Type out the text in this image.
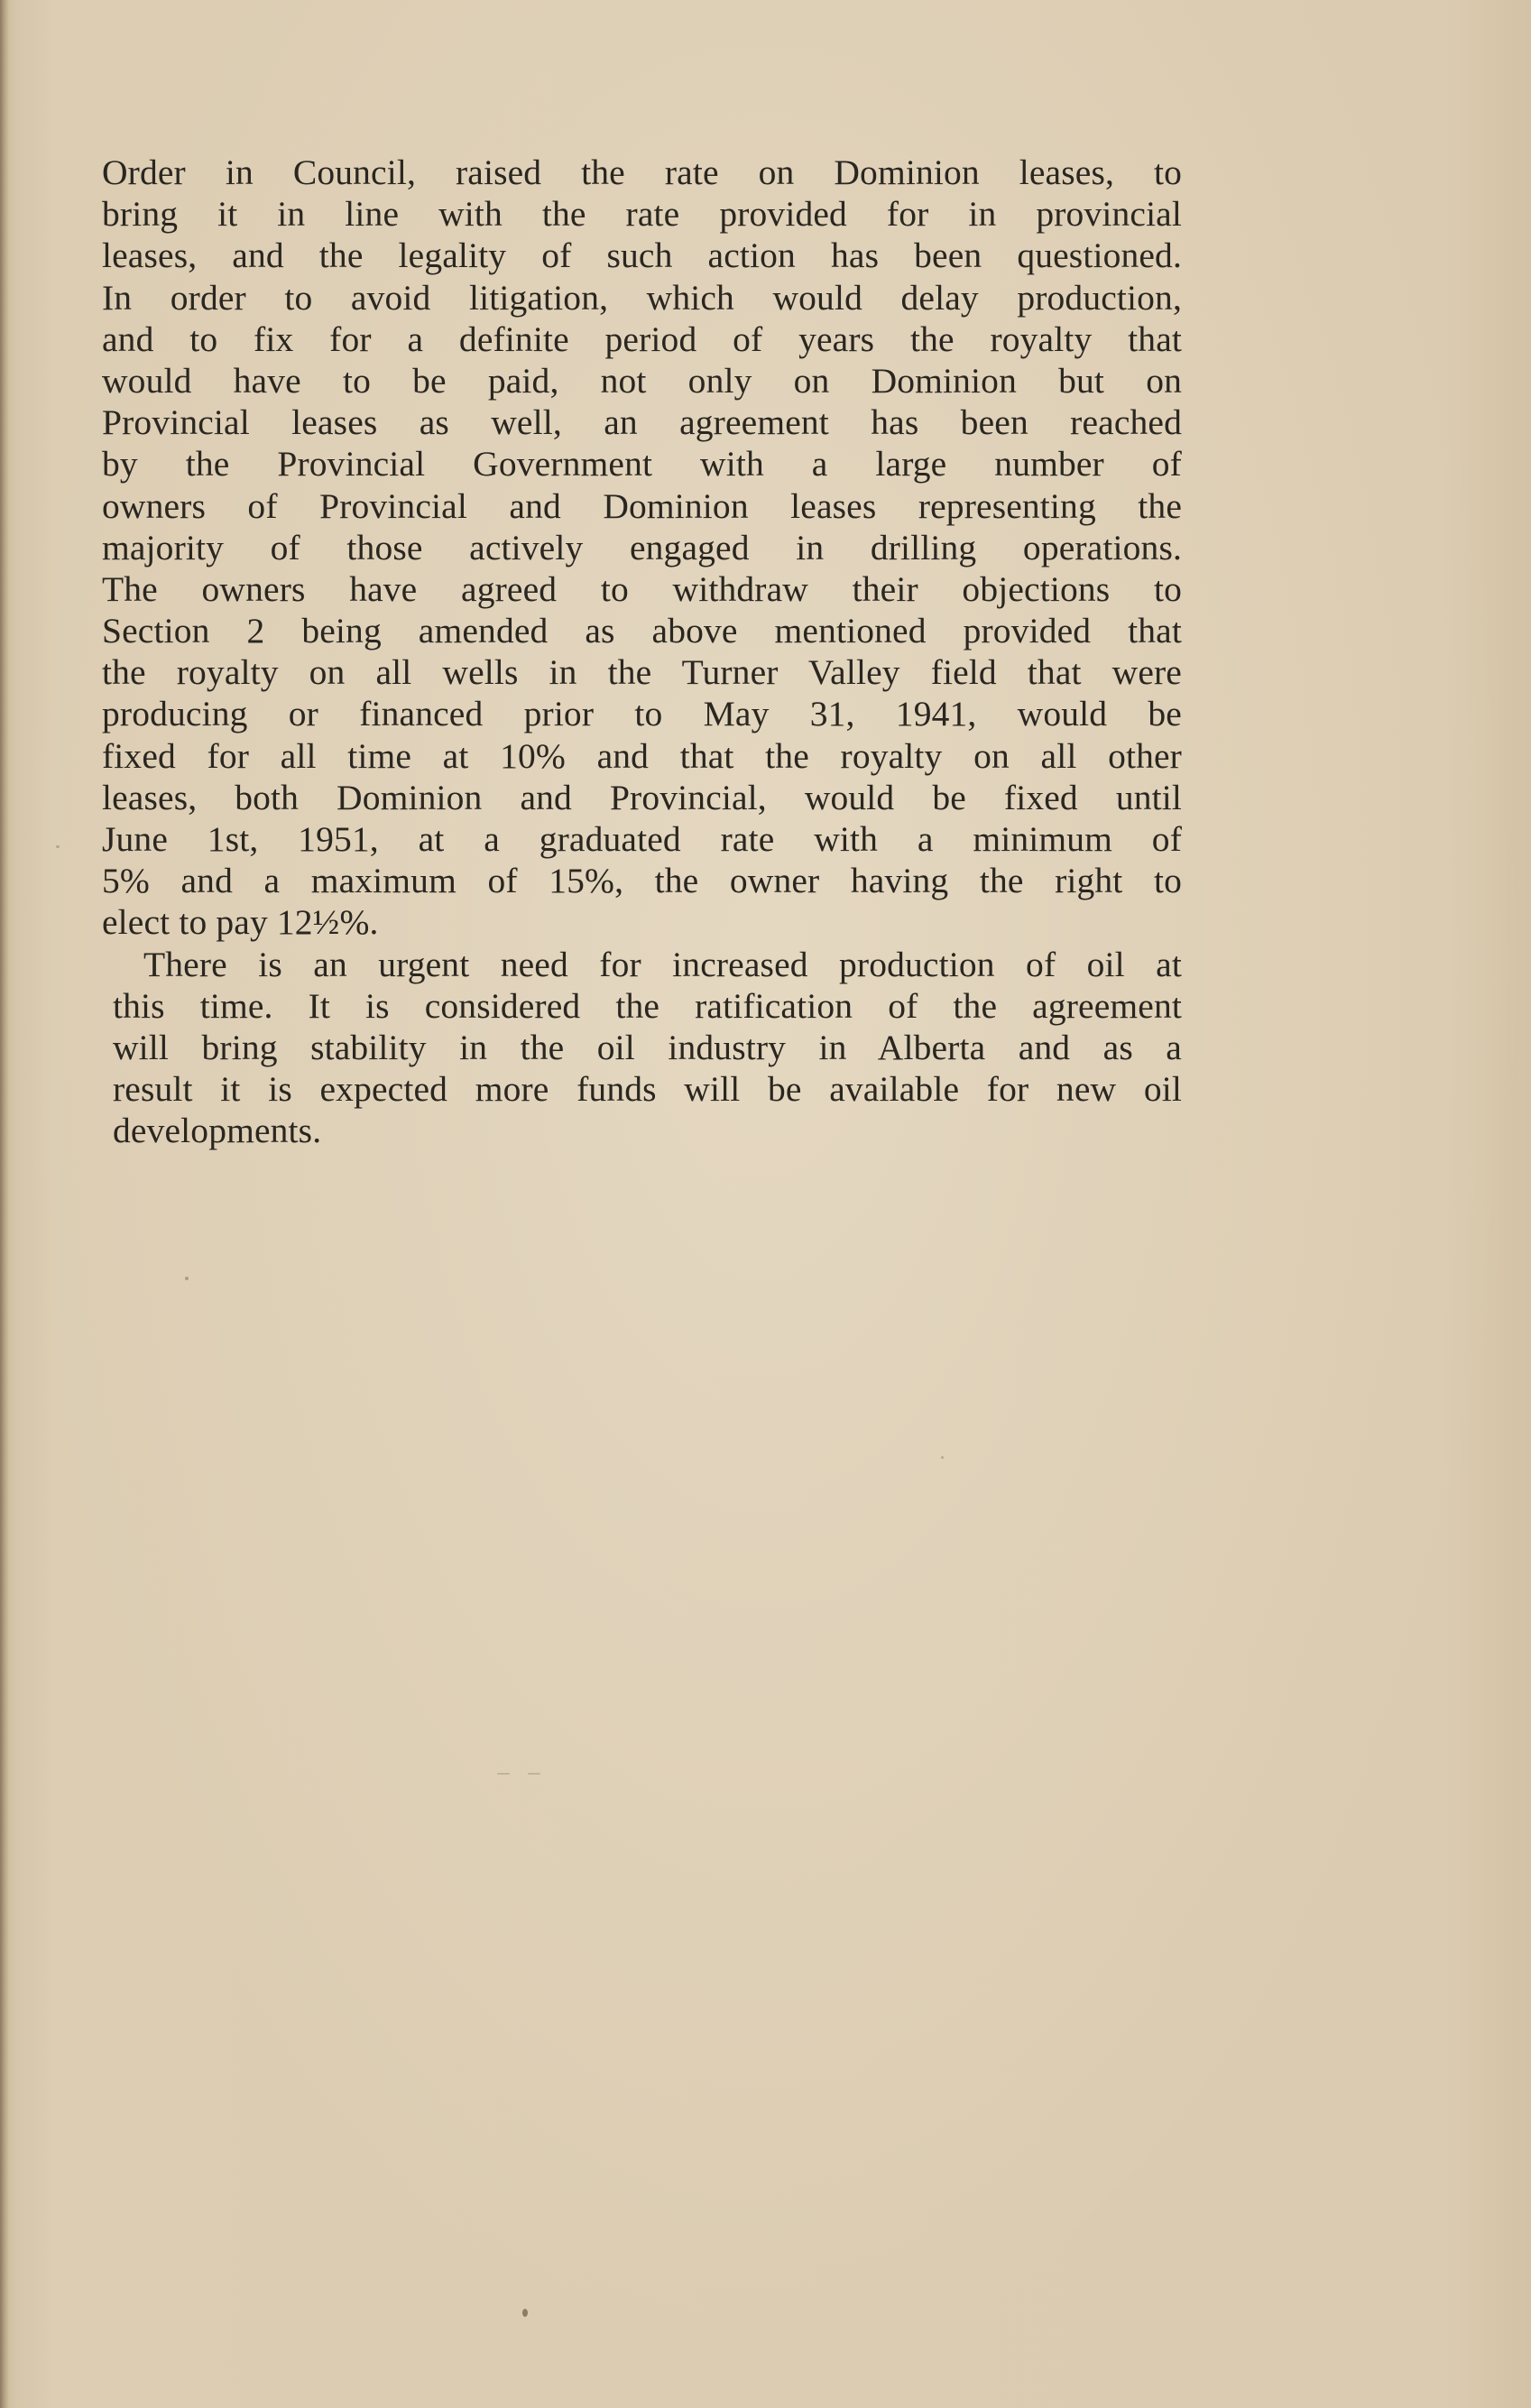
Order in Council, raised the rate on Dominion leases, to
bring it in line with the rate provided for in provincial
leases, and the legality of such action has been questioned.
In order to avoid litigation, which would delay production,
and to fix for a definite period of years the royalty that
would have to be paid, not only on Dominion but on
Provincial leases as well, an agreement has been reached
by the Provincial Government with a large number of
owners of Provincial and Dominion leases representing the
majority of those actively engaged in drilling operations.
The owners have agreed to withdraw their objections to
Section 2 being amended as above mentioned provided that
the royalty on all wells in the Turner Valley field that were
producing or financed prior to May 31, 1941, would be
fixed for all time at 10% and that the royalty on all other
leases, both Dominion and Provincial, would be fixed until
June 1st, 1951, at a graduated rate with a minimum of
5% and a maximum of 15%, the owner having the right to
elect to pay 12½%.
There is an urgent need for increased production of oil at
this time. It is considered the ratification of the agreement
will bring stability in the oil industry in Alberta and as a
result it is expected more funds will be available for new oil
developments.
